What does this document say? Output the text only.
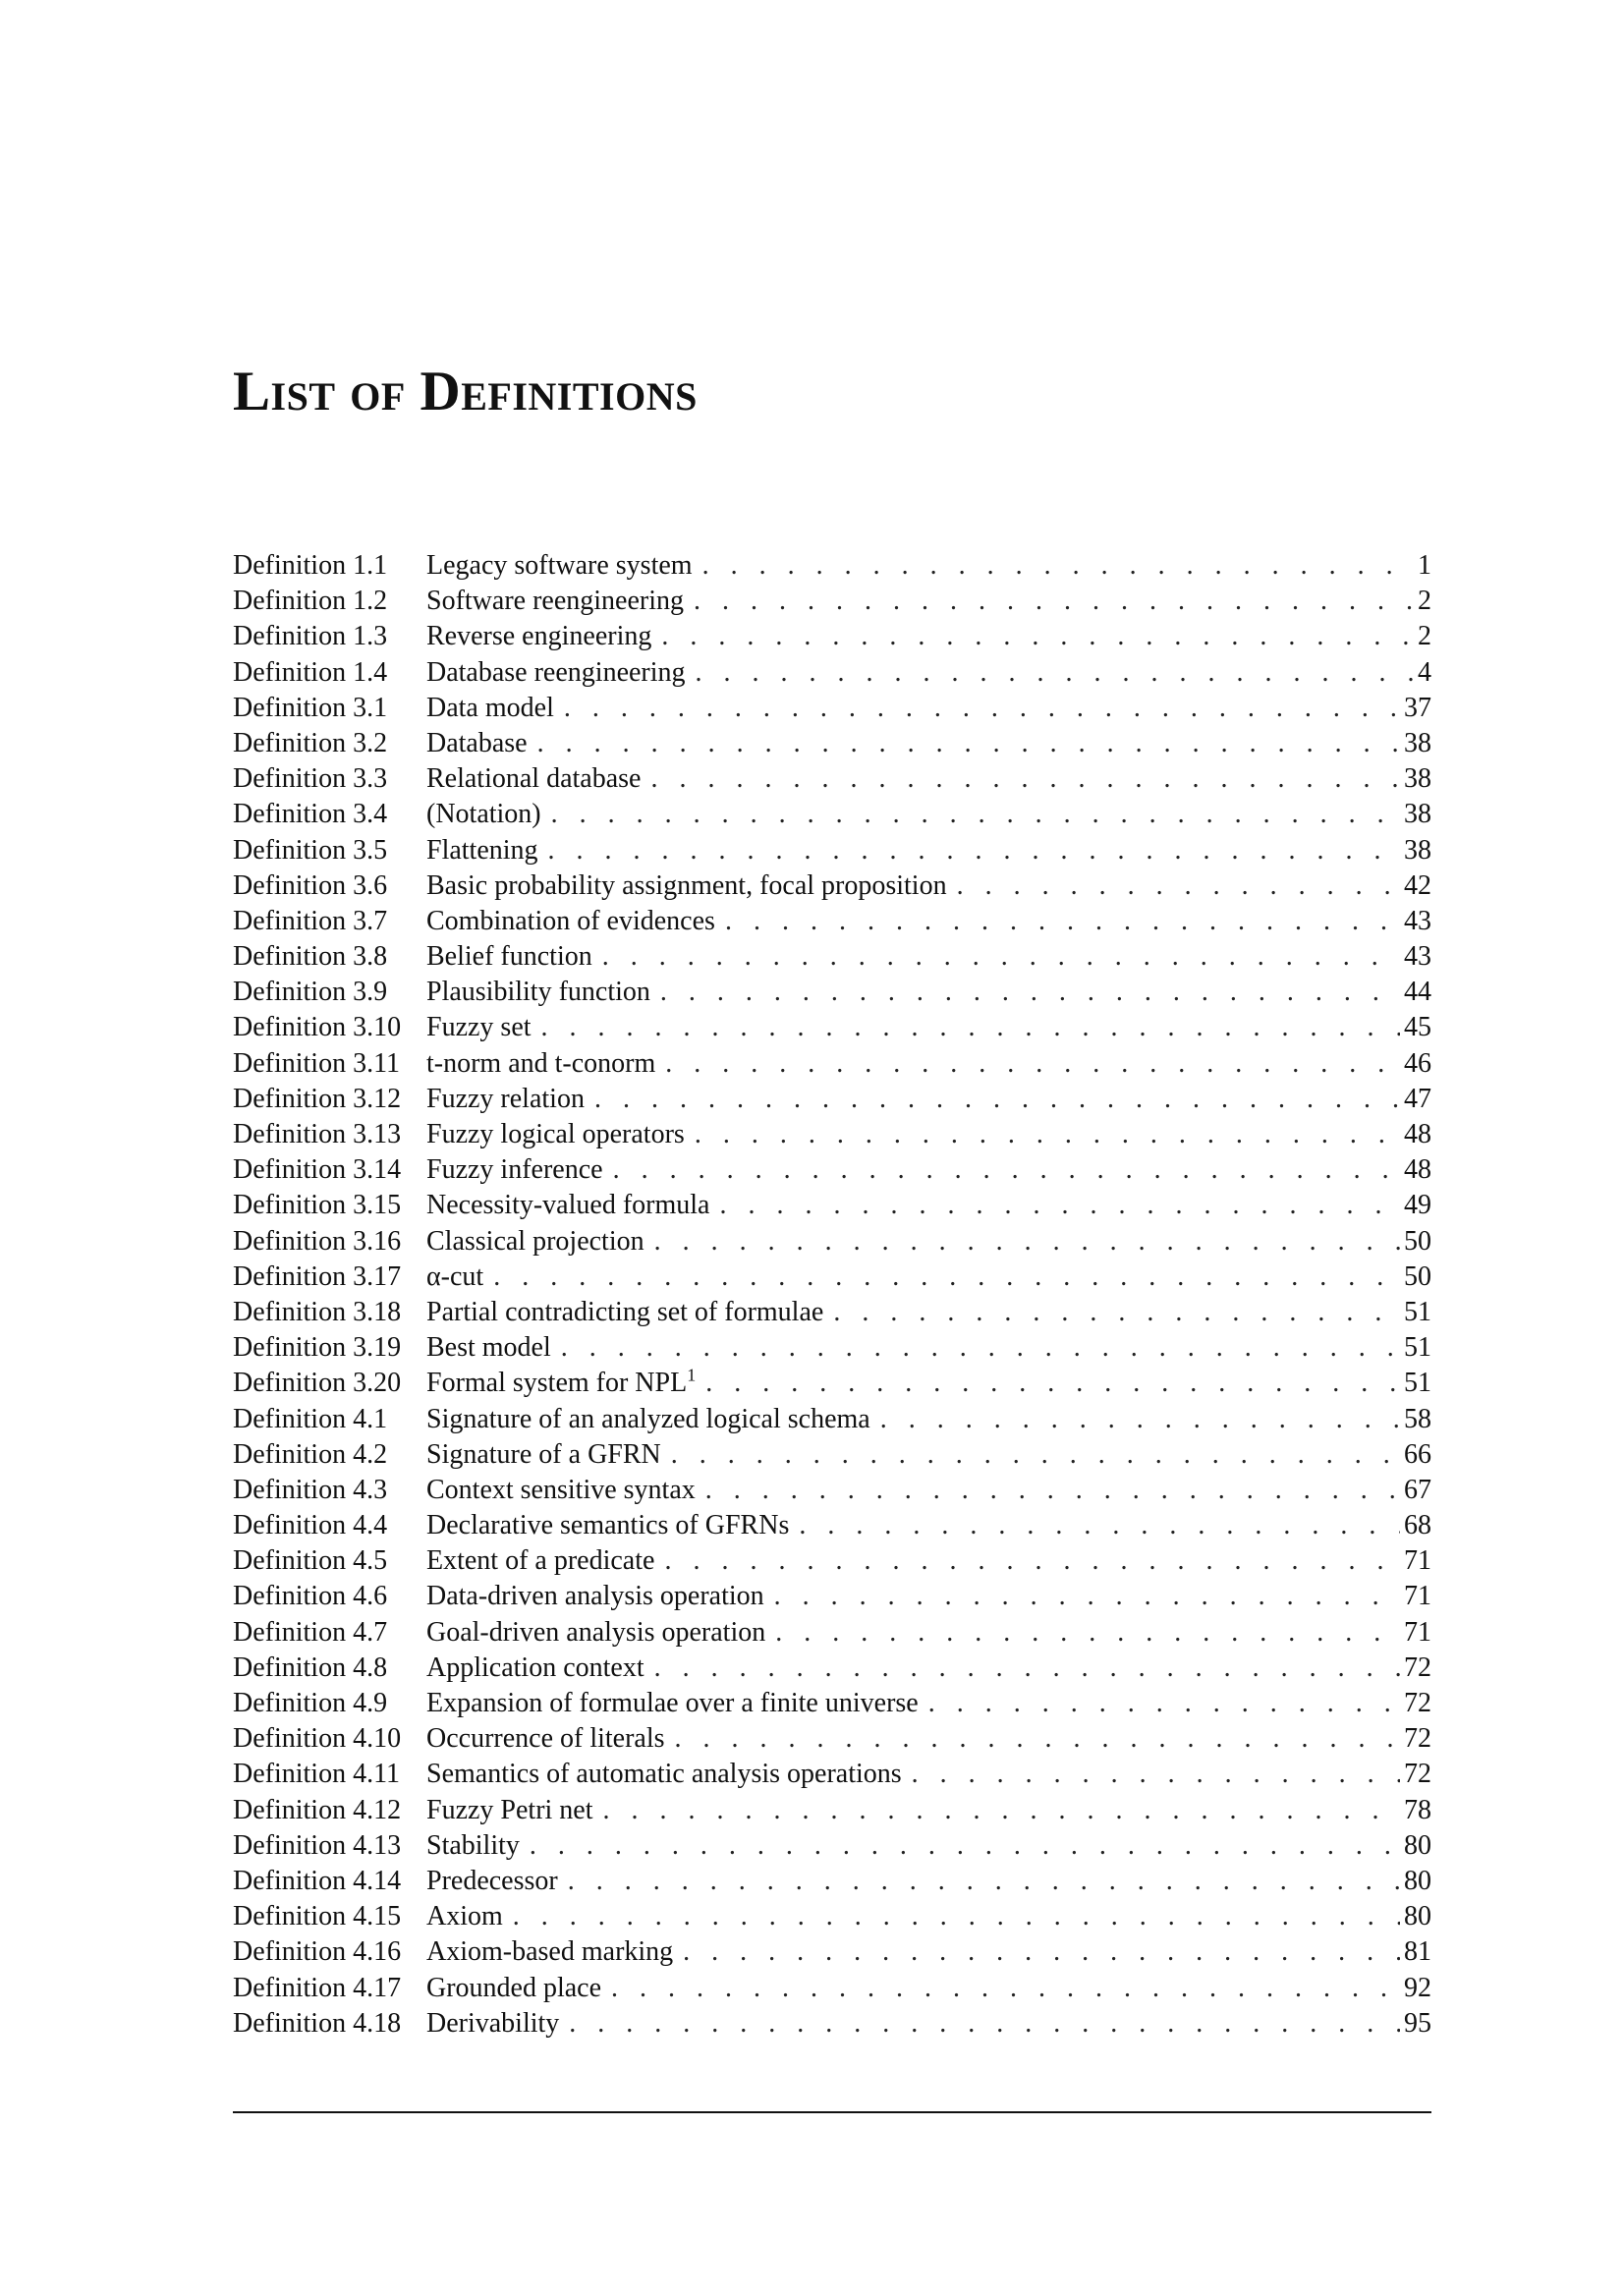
List of Definitions
Definition 1.1	Legacy software system . . .	1
Definition 1.2	Software reengineering . . .	2
Definition 1.3	Reverse engineering . . .	2
Definition 1.4	Database reengineering . . .	4
Definition 3.1	Data model . . .	37
Definition 3.2	Database . . .	38
Definition 3.3	Relational database . . .	38
Definition 3.4	(Notation) . . .	38
Definition 3.5	Flattening . . .	38
Definition 3.6	Basic probability assignment, focal proposition . . .	42
Definition 3.7	Combination of evidences . . .	43
Definition 3.8	Belief function . . .	43
Definition 3.9	Plausibility function . . .	44
Definition 3.10 Fuzzy set . . .	45
Definition 3.11 t-norm and t-conorm . . .	46
Definition 3.12 Fuzzy relation . . .	47
Definition 3.13 Fuzzy logical operators . . .	48
Definition 3.14 Fuzzy inference . . .	48
Definition 3.15 Necessity-valued formula . . .	49
Definition 3.16 Classical projection . . .	50
Definition 3.17 α-cut . . .	50
Definition 3.18 Partial contradicting set of formulae . . .	51
Definition 3.19 Best model . . .	51
Definition 3.20 Formal system for NPL$^1$ . . .	51
Definition 4.1	Signature of an analyzed logical schema . . .	58
Definition 4.2	Signature of a GFRN . . .	66
Definition 4.3	Context sensitive syntax . . .	67
Definition 4.4	Declarative semantics of GFRNs . . .	68
Definition 4.5	Extent of a predicate . . .	71
Definition 4.6	Data-driven analysis operation . . .	71
Definition 4.7	Goal-driven analysis operation . . .	71
Definition 4.8	Application context . . .	72
Definition 4.9	Expansion of formulae over a finite universe . . .	72
Definition 4.10 Occurrence of literals . . .	72
Definition 4.11 Semantics of automatic analysis operations . . .	72
Definition 4.12 Fuzzy Petri net . . .	78
Definition 4.13 Stability . . .	80
Definition 4.14 Predecessor . . .	80
Definition 4.15 Axiom . . .	80
Definition 4.16 Axiom-based marking . . .	81
Definition 4.17 Grounded place . . .	92
Definition 4.18 Derivability . . .	95
